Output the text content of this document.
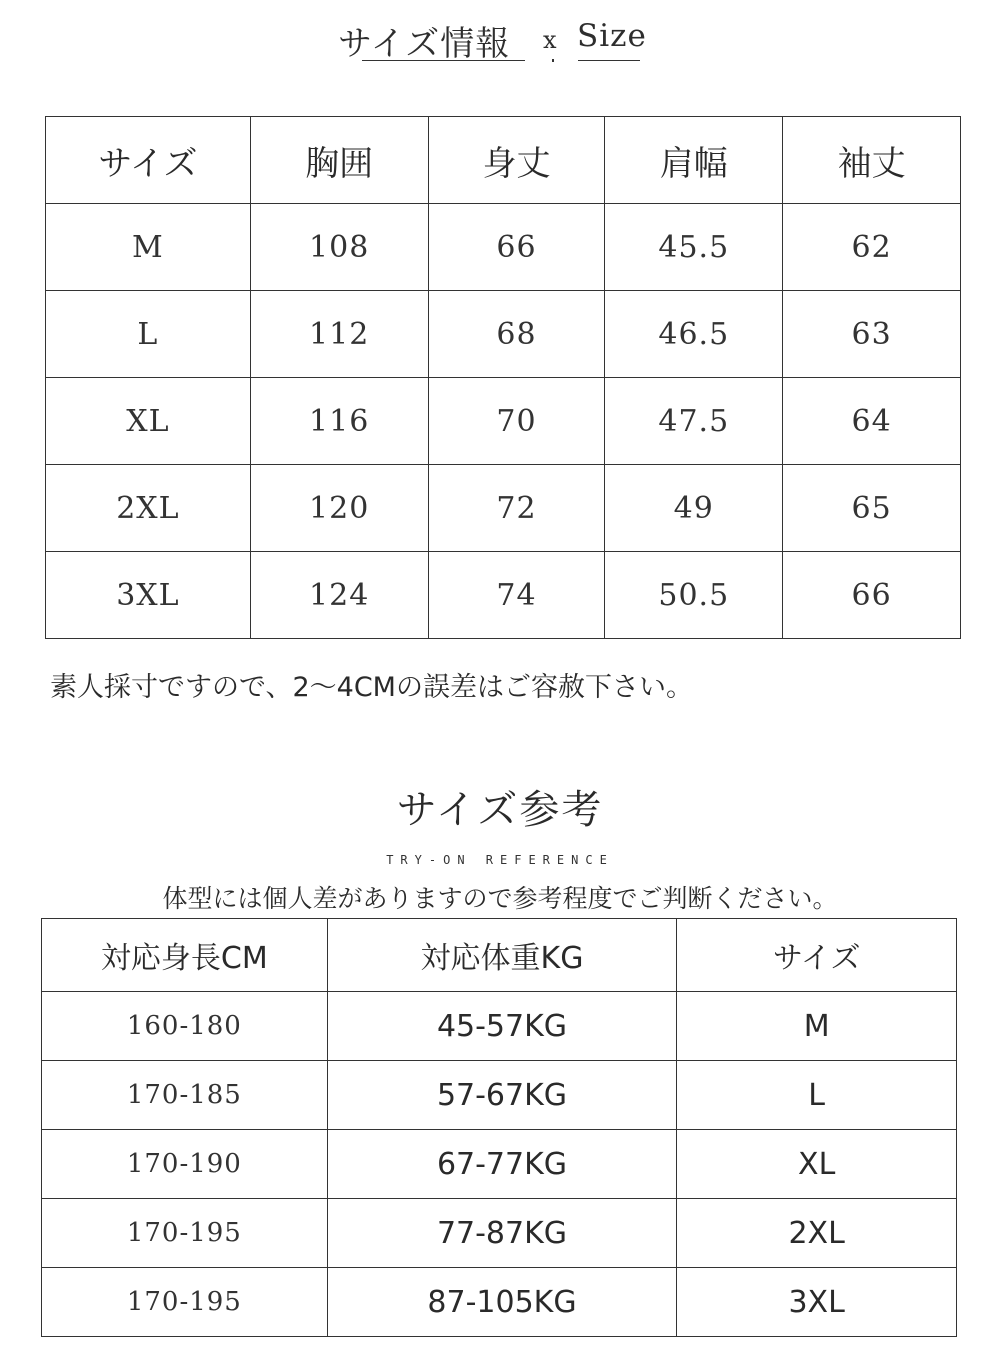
サイズ情報 x Size
サイズ	胸囲	身丈	肩幅	袖丈
M	108	66	45.5	62
L	112	68	46.5	63
XL	116	70	47.5	64
2XL	120	72	49	65
3XL	124	74	50.5	66
素人採寸ですので、2～4CMの誤差はご容赦下さい。
サイズ参考
TRY-ON REFERENCE
体型には個人差がありますので参考程度でご判断ください。
対応身長CM	対応体重KG	サイズ
160-180	45-57KG	M
170-185	57-67KG	L
170-190	67-77KG	XL
170-195	77-87KG	2XL
170-195	87-105KG	3XL
